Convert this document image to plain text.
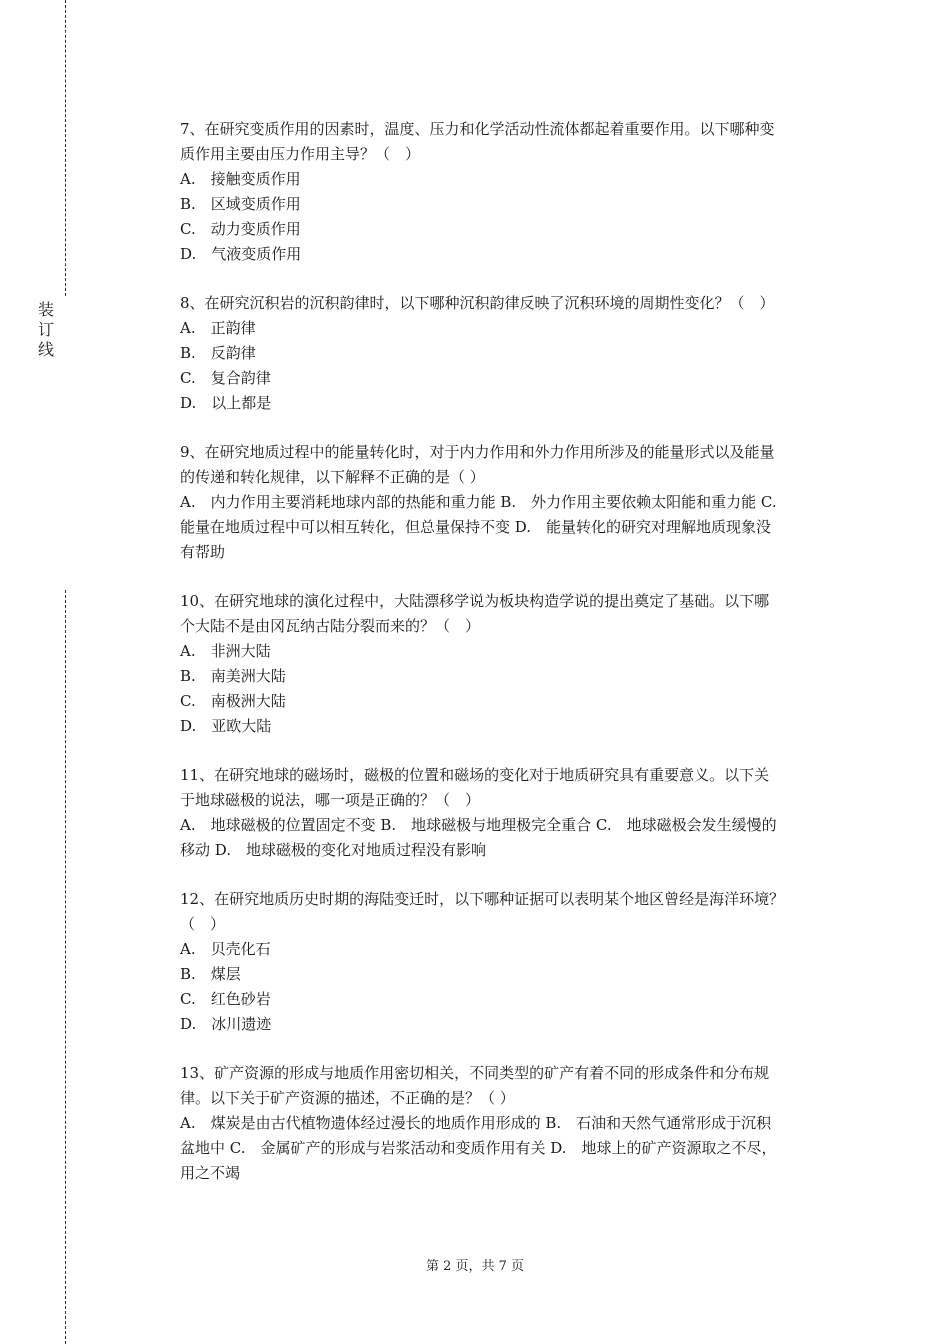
装
订
线

7、在研究变质作用的因素时，温度、压力和化学活动性流体都起着重要作用。以下哪种变

质作用主要由压力作用主导？（　）

A.　接触变质作用

B.　区域变质作用

C.　动力变质作用

D.　气液变质作用

8、在研究沉积岩的沉积韵律时，以下哪种沉积韵律反映了沉积环境的周期性变化？（　）

A.　正韵律

B.　反韵律

C.　复合韵律

D.　以上都是

9、在研究地质过程中的能量转化时，对于内力作用和外力作用所涉及的能量形式以及能量

的传递和转化规律，以下解释不正确的是（ ）

A.　内力作用主要消耗地球内部的热能和重力能 B.　外力作用主要依赖太阳能和重力能 C.

能量在地质过程中可以相互转化，但总量保持不变 D.　能量转化的研究对理解地质现象没

有帮助

10、在研究地球的演化过程中，大陆漂移学说为板块构造学说的提出奠定了基础。以下哪

个大陆不是由冈瓦纳古陆分裂而来的？（　）

A.　非洲大陆

B.　南美洲大陆

C.　南极洲大陆

D.　亚欧大陆

11、在研究地球的磁场时，磁极的位置和磁场的变化对于地质研究具有重要意义。以下关

于地球磁极的说法，哪一项是正确的？（　）

A.　地球磁极的位置固定不变 B.　地球磁极与地理极完全重合 C.　地球磁极会发生缓慢的

移动 D.　地球磁极的变化对地质过程没有影响

12、在研究地质历史时期的海陆变迁时，以下哪种证据可以表明某个地区曾经是海洋环境？

（　）

A.　贝壳化石

B.　煤层

C.　红色砂岩

D.　冰川遗迹

13、矿产资源的形成与地质作用密切相关，不同类型的矿产有着不同的形成条件和分布规

律。以下关于矿产资源的描述，不正确的是？（ ）

A.　煤炭是由古代植物遗体经过漫长的地质作用形成的 B.　石油和天然气通常形成于沉积

盆地中 C.　金属矿产的形成与岩浆活动和变质作用有关 D.　地球上的矿产资源取之不尽，

用之不竭

第 2 页，共 7 页
